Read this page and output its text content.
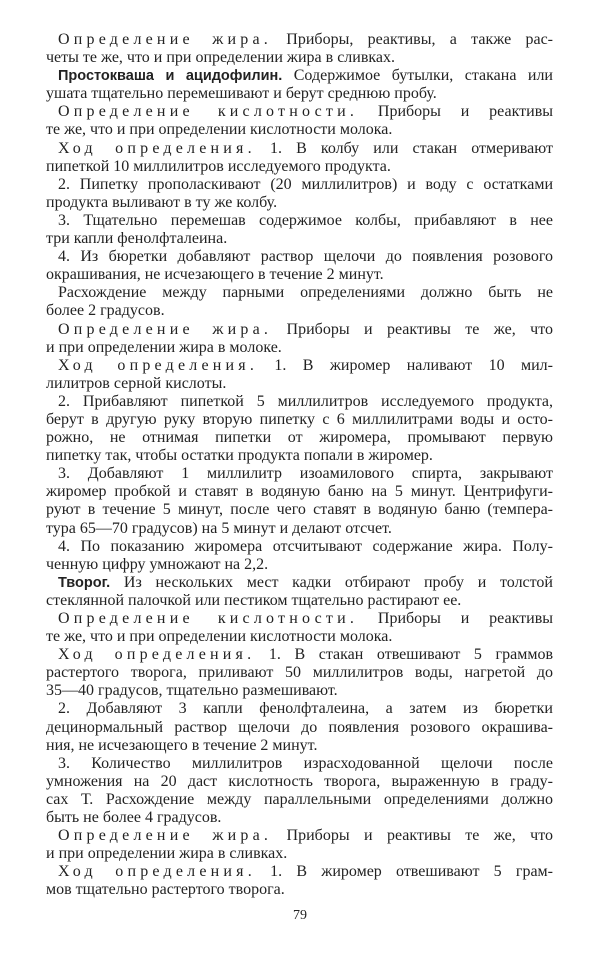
Определение жира. Приборы, реактивы, а также рас-
четы те же, что и при определении жира в сливках.
Простокваша и ацидофилин. Содержимое бутылки, стакана или
ушата тщательно перемешивают и берут среднюю пробу.
Определение кислотности. Приборы и реактивы
те же, что и при определении кислотности молока.
Ход определения. 1. В колбу или стакан отмеривают
пипеткой 10 миллилитров исследуемого продукта.
2. Пипетку прополаскивают (20 миллилитров) и воду с остатками
продукта выливают в ту же колбу.
3. Тщательно перемешав содержимое колбы, прибавляют в нее
три капли фенолфталеина.
4. Из бюретки добавляют раствор щелочи до появления розового
окрашивания, не исчезающего в течение 2 минут.
Расхождение между парными определениями должно быть не
более 2 градусов.
Определение жира. Приборы и реактивы те же, что
и при определении жира в молоке.
Ход определения. 1. В жиромер наливают 10 мил-
лилитров серной кислоты.
2. Прибавляют пипеткой 5 миллилитров исследуемого продукта,
берут в другую руку вторую пипетку с 6 миллилитрами воды и осто-
рожно, не отнимая пипетки от жиромера, промывают первую
пипетку так, чтобы остатки продукта попали в жиромер.
3. Добавляют 1 миллилитр изоамилового спирта, закрывают
жиромер пробкой и ставят в водяную баню на 5 минут. Центрифуги-
руют в течение 5 минут, после чего ставят в водяную баню (темпера-
тура 65—70 градусов) на 5 минут и делают отсчет.
4. По показанию жиромера отсчитывают содержание жира. Полу-
ченную цифру умножают на 2,2.
Творог. Из нескольких мест кадки отбирают пробу и толстой
стеклянной палочкой или пестиком тщательно растирают ее.
Определение кислотности. Приборы и реактивы
те же, что и при определении кислотности молока.
Ход определения. 1. В стакан отвешивают 5 граммов
растертого творога, приливают 50 миллилитров воды, нагретой до
35—40 градусов, тщательно размешивают.
2. Добавляют 3 капли фенолфталеина, а затем из бюретки
децинормальный раствор щелочи до появления розового окрашива-
ния, не исчезающего в течение 2 минут.
3. Количество миллилитров израсходованной щелочи после
умножения на 20 даст кислотность творога, выраженную в граду-
сах Т. Расхождение между параллельными определениями должно
быть не более 4 градусов.
Определение жира. Приборы и реактивы те же, что
и при определении жира в сливках.
Ход определения. 1. В жиромер отвешивают 5 грам-
мов тщательно растертого творога.
79
